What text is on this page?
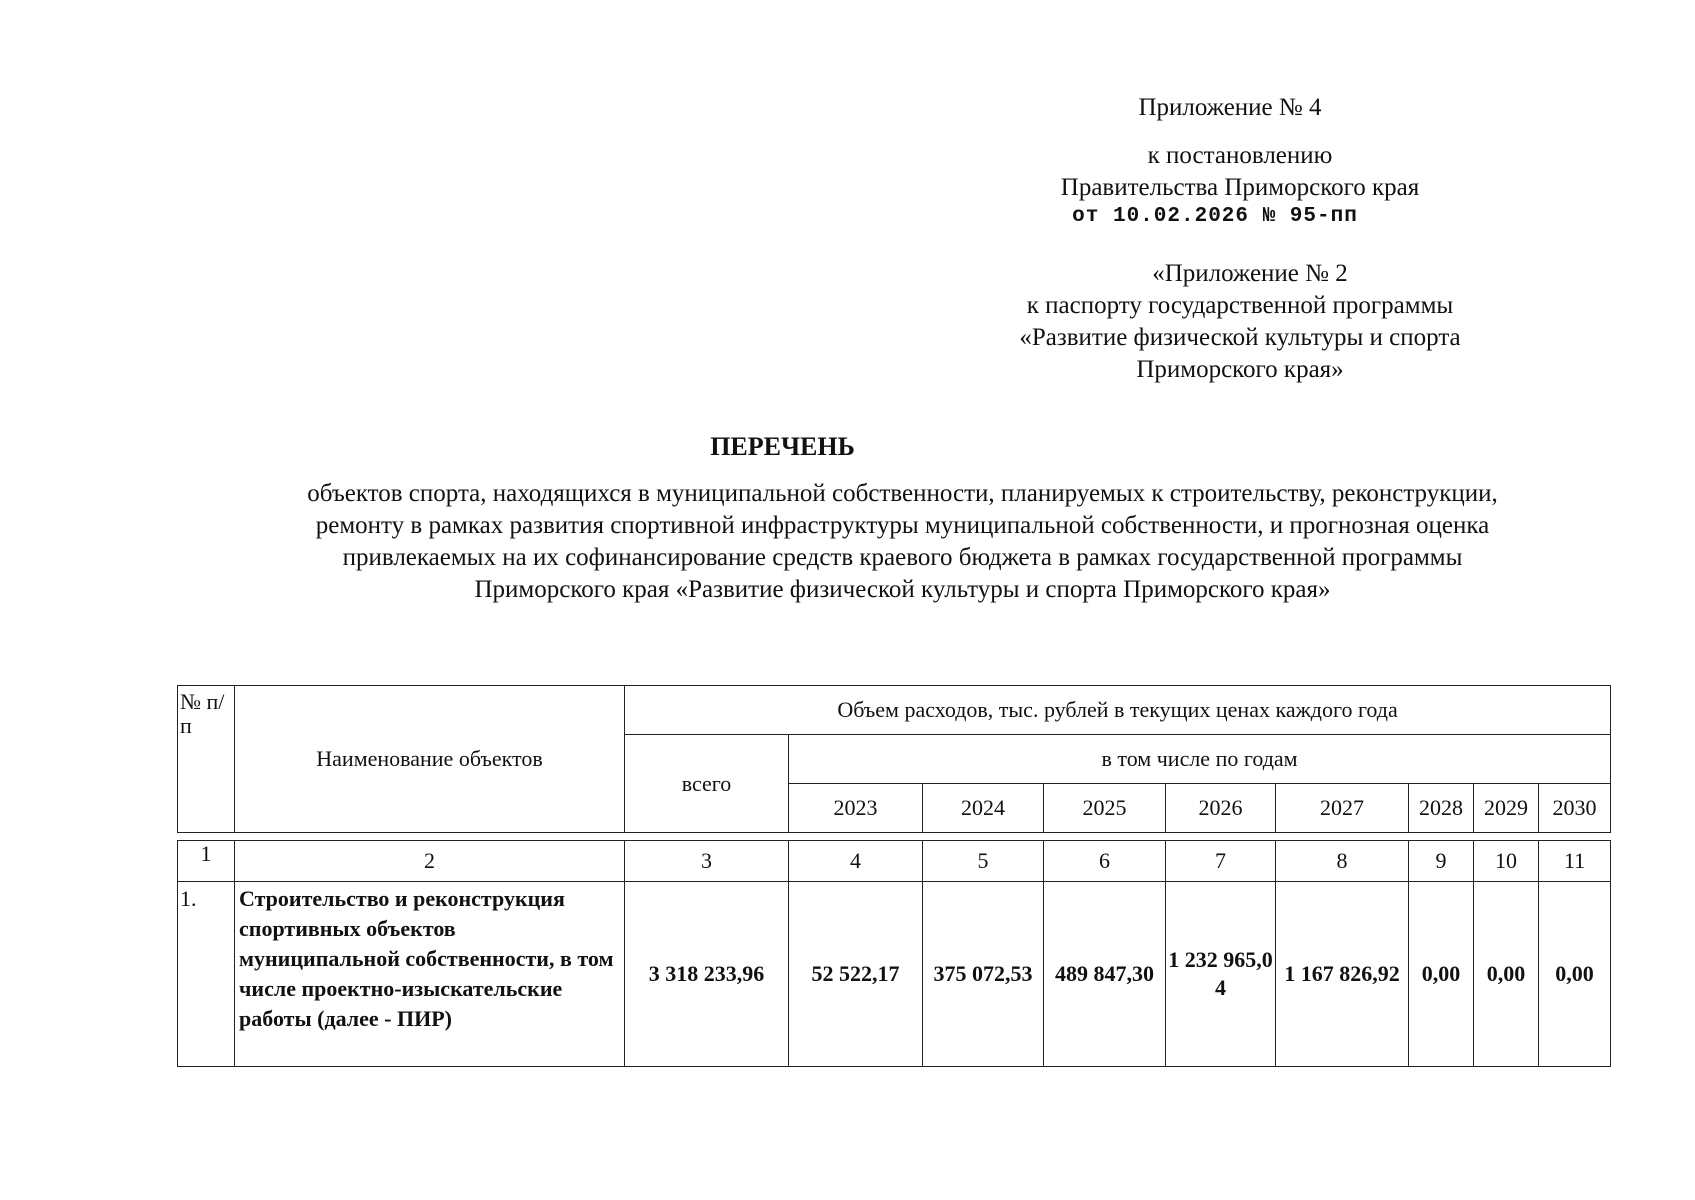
Приложение № 4
к постановлению
Правительства Приморского края
от 10.02.2026 № 95-пп
«Приложение № 2
к паспорту государственной программы
«Развитие физической культуры и спорта
Приморского края»
ПЕРЕЧЕНЬ
объектов спорта, находящихся в муниципальной собственности, планируемых к строительству, реконструкции,
ремонту в рамках развития спортивной инфраструктуры муниципальной собственности, и прогнозная оценка
привлекаемых на их софинансирование средств краевого бюджета в рамках государственной программы
Приморского края «Развитие физической культуры и спорта Приморского края»
№ п/п	Наименование объектов	Объем расходов, тыс. рублей в текущих ценах каждого года								
		всего	в том числе по годам							
			2023	2024	2025	2026	2027	2028	2029	2030

1	2	3	4	5	6	7	8	9	10	11
1.	Строительство и реконструкция спортивных объектов муниципальной собственности, в том числе проектно-изыскательские работы (далее - ПИР)	3 318 233,96	52 522,17	375 072,53	489 847,30	1 232 965,04	1 167 826,92	0,00	0,00	0,00
